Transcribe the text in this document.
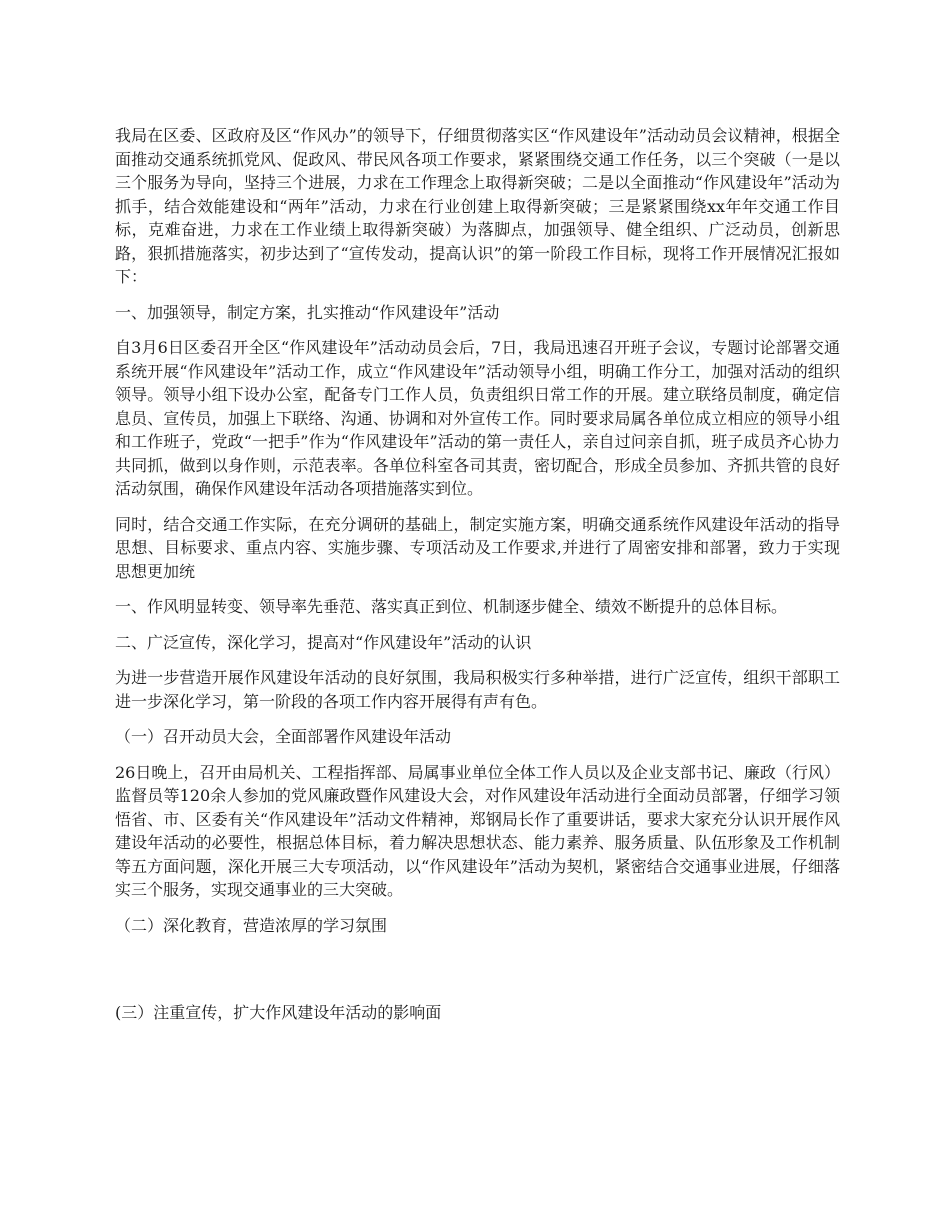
我局在区委、区政府及区“作风办”的领导下，仔细贯彻落实区“作风建设年”活动动员会议精神，根据全面推动交通系统抓党风、促政风、带民风各项工作要求，紧紧围绕交通工作任务，以三个突破（一是以三个服务为导向，坚持三个进展，力求在工作理念上取得新突破；二是以全面推动“作风建设年”活动为抓手，结合效能建设和“两年”活动，力求在行业创建上取得新突破；三是紧紧围绕xx年年交通工作目标，克难奋进，力求在工作业绩上取得新突破）为落脚点，加强领导、健全组织、广泛动员，创新思路，狠抓措施落实，初步达到了“宣传发动，提高认识”的第一阶段工作目标，现将工作开展情况汇报如下：

一、加强领导，制定方案，扎实推动“作风建设年”活动

自3月6日区委召开全区“作风建设年”活动动员会后，7日，我局迅速召开班子会议，专题讨论部署交通系统开展“作风建设年”活动工作，成立“作风建设年”活动领导小组，明确工作分工，加强对活动的组织领导。领导小组下设办公室，配备专门工作人员，负责组织日常工作的开展。建立联络员制度，确定信息员、宣传员，加强上下联络、沟通、协调和对外宣传工作。同时要求局属各单位成立相应的领导小组和工作班子，党政“一把手”作为“作风建设年”活动的第一责任人，亲自过问亲自抓，班子成员齐心协力共同抓，做到以身作则，示范表率。各单位科室各司其责，密切配合，形成全员参加、齐抓共管的良好活动氛围，确保作风建设年活动各项措施落实到位。

同时，结合交通工作实际，在充分调研的基础上，制定实施方案，明确交通系统作风建设年活动的指导思想、目标要求、重点内容、实施步骤、专项活动及工作要求,并进行了周密安排和部署，致力于实现思想更加统

一、作风明显转变、领导率先垂范、落实真正到位、机制逐步健全、绩效不断提升的总体目标。

二、广泛宣传，深化学习，提高对“作风建设年”活动的认识

为进一步营造开展作风建设年活动的良好氛围，我局积极实行多种举措，进行广泛宣传，组织干部职工进一步深化学习，第一阶段的各项工作内容开展得有声有色。

（一）召开动员大会，全面部署作风建设年活动

26日晚上，召开由局机关、工程指挥部、局属事业单位全体工作人员以及企业支部书记、廉政（行风）监督员等120余人参加的党风廉政暨作风建设大会，对作风建设年活动进行全面动员部署，仔细学习领悟省、市、区委有关“作风建设年”活动文件精神，郑钢局长作了重要讲话，要求大家充分认识开展作风建设年活动的必要性，根据总体目标，着力解决思想状态、能力素养、服务质量、队伍形象及工作机制等五方面问题，深化开展三大专项活动，以“作风建设年”活动为契机，紧密结合交通事业进展，仔细落实三个服务，实现交通事业的三大突破。

（二）深化教育，营造浓厚的学习氛围

(三）注重宣传，扩大作风建设年活动的影响面
